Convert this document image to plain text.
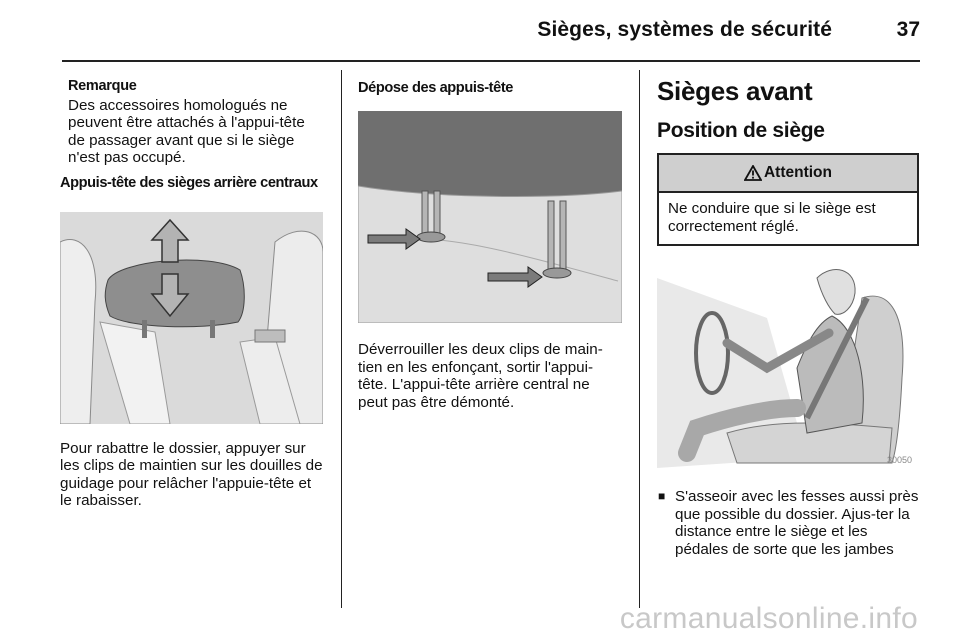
Sièges, systèmes de sécurité	37
Remarque

Des accessoires homologués ne peuvent être attachés à l'appui-tête de passager avant que si le siège n'est pas occupé.

Appuis-tête des sièges arrière centraux

Pour rabattre le dossier, appuyer sur les clips de maintien sur les douilles de guidage pour relâcher l'appuie-tête et le rabaisser.

Dépose des appuis-tête

Déverrouiller les deux clips de main-tien en les enfonçant, sortir l'appui-tête. L'appui-tête arrière central ne peut pas être démonté.

Sièges avant
Position de siège
Attention
Ne conduire que si le siège est correctement réglé.
30050
■ S'asseoir avec les fesses aussi près que possible du dossier. Ajus-ter la distance entre le siège et les pédales de sorte que les jambes
carmanualsonline.info
